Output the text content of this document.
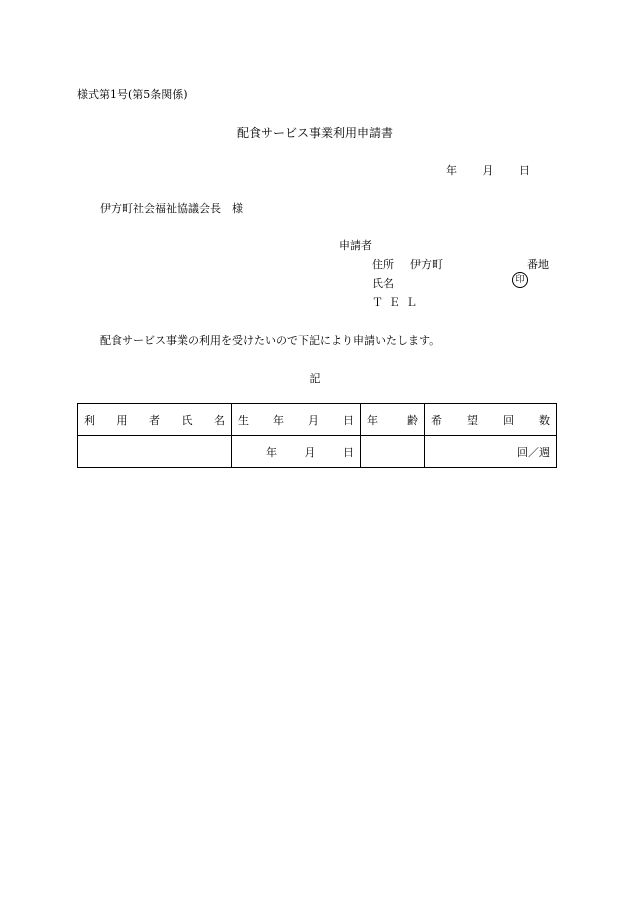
様式第1号(第5条関係)
配食サービス事業利用申請書
年 月 日
伊方町社会福祉協議会長　様
申請者
住所 伊方町	番地
氏名	印
ＴＥＬ
配食サービス事業の利用を受けたいので下記により申請いたします。
記
利用者氏名	生年月日	年齢	希望回数

	年 月 日		回／週
